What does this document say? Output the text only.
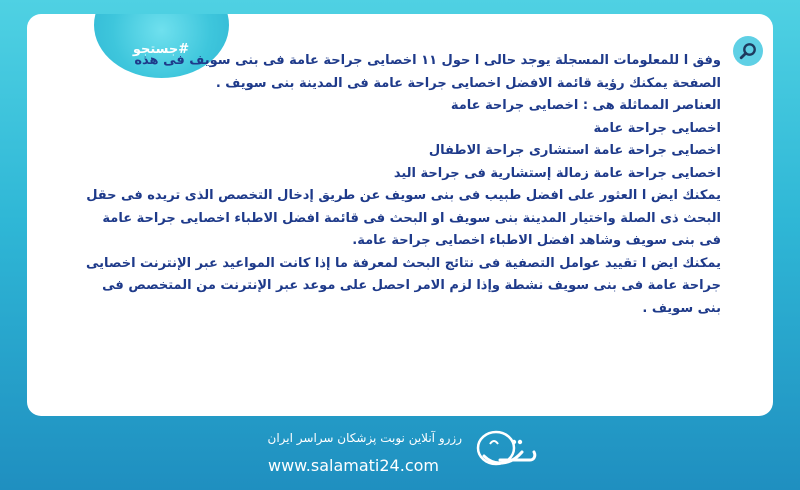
#جستجو

وفق ا للمعلومات المسجلة يوجد حالى ا حول ۱۱ اخصايى جراحة عامة فى بنى سويف فى هذه الصفحة يمكنك رؤية قائمة الافضل اخصايى جراحة عامة فى المدينة بنى سويف .

العناصر المماثلة هى : اخصايى جراحة عامة

اخصايى جراحة عامة

اخصايى جراحة عامة استشارى جراحة الاطفال

اخصايى جراحة عامة زمالة إستشارية فى جراحة اليد

يمكنك ايض ا العثور على افضل طبيب فى بنى سويف عن طريق إدخال التخصص الذى تريده فى حقل البحث ذى الصلة واختيار المدينة بنى سويف او البحث فى قائمة افضل الاطباء اخصايى جراحة عامة فى بنى سويف وشاهد افضل الاطباء اخصايى جراحة عامة.

يمكنك ايض ا تقييد عوامل التصفية فى نتائج البحث لمعرفة ما إذا كانت المواعيد عبر الإنترنت اخصايى جراحة عامة فى بنى سويف نشطة وإذا لزم الامر احصل على موعد عبر الإنترنت من المتخصص فى بنى سويف .

رزرو آنلاین نوبت پزشکان سراسر ایران
www.salamati24.com
